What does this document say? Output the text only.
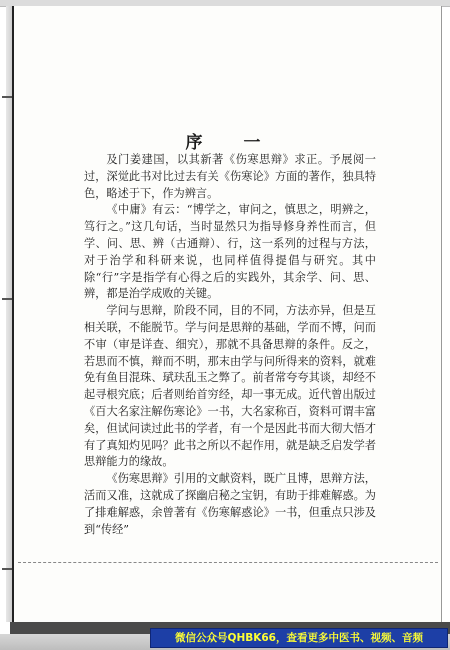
序　一

及门姜建国，以其新著《伤寒思辩》求正。予展阅一过，深觉此书对比过去有关《伤寒论》方面的著作，独具特色，略述于下，作为辨言。

《中庸》有云：“博学之，审问之，慎思之，明辨之，笃行之。”这几句话，当时显然只为指导修身养性而言，但学、问、思、辨（古通辩）、行，这一系列的过程与方法，对于治学和科研来说，也同样值得提倡与研究。其中除“行”字是指学有心得之后的实践外，其余学、问、思、辨，都是治学成败的关键。

学问与思辩，阶段不同，目的不同，方法亦异，但是互相关联，不能脱节。学与问是思辩的基础，学而不博，问而不审（审是详查、细究），那就不具备思辩的条件。反之，若思而不慎，辩而不明，那末由学与问所得来的资料，就难免有鱼目混珠、珷玞乱玉之弊了。前者常夸夸其谈，却经不起寻根究底；后者则绐首穷经，却一事无成。近代曾出版过《百大名家注解伤寒论》一书，大名家称百，资料可谓丰富矣，但试问读过此书的学者，有一个是因此书而大彻大悟才有了真知灼见吗？此书之所以不起作用，就是缺乏启发学者思辩能力的缘故。

《伤寒思辩》引用的文献资料，既广且博，思辩方法，活而又准，这就成了探幽启秘之宝钥，有助于排难解惑。为了排难解惑，余曾著有《伤寒解惑论》一书，但重点只涉及到“传经”

微信公众号QHBK66，查看更多中医书、视频、音频
